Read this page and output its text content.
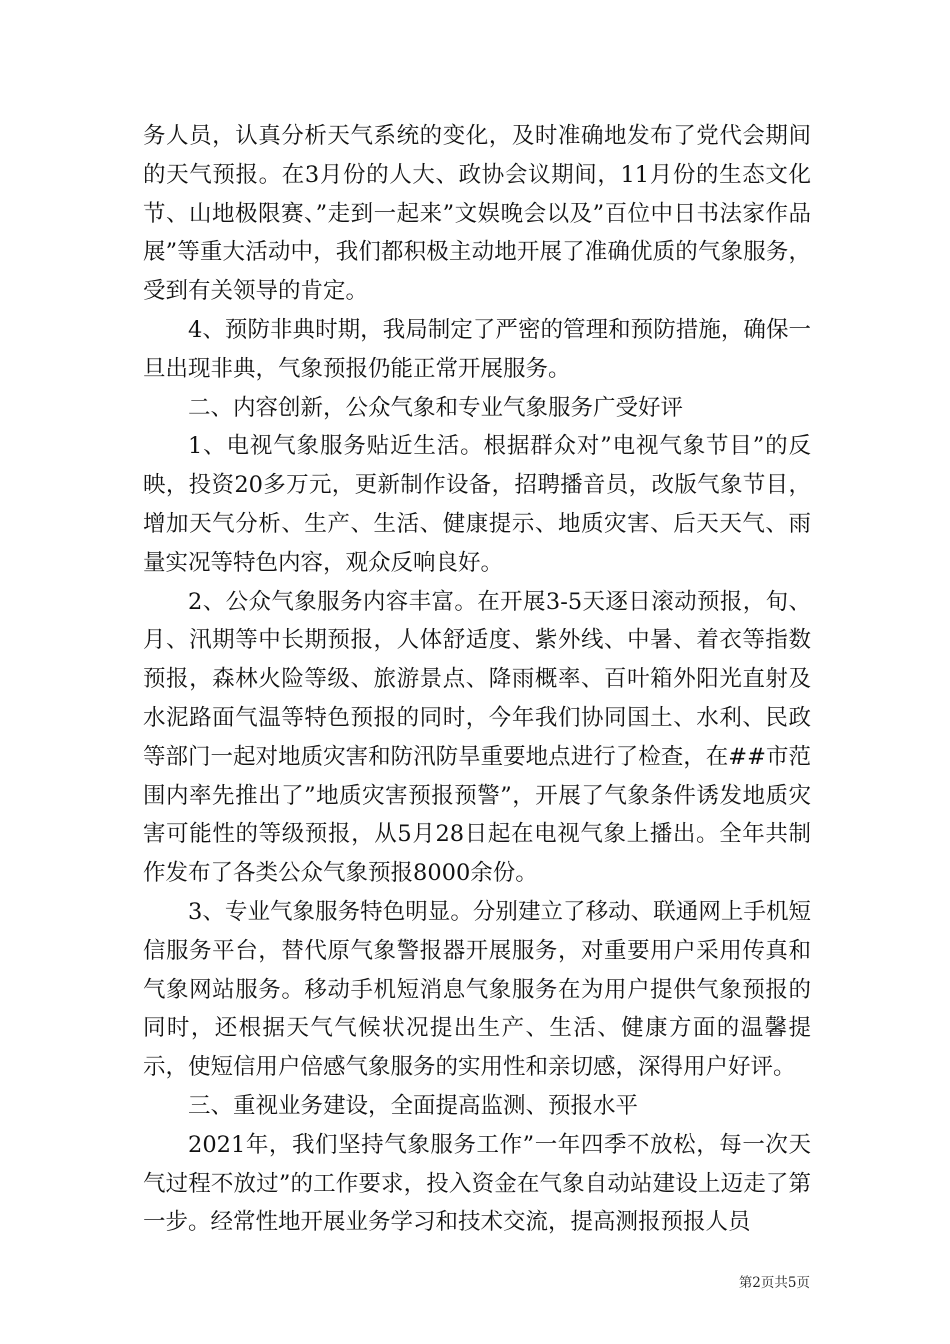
务人员，认真分析天气系统的变化，及时准确地发布了党代会期间的天气预报。在3月份的人大、政协会议期间，11月份的生态文化节、山地极限赛、”走到一起来”文娱晚会以及”百位中日书法家作品展”等重大活动中，我们都积极主动地开展了准确优质的气象服务，受到有关领导的肯定。

4、预防非典时期，我局制定了严密的管理和预防措施，确保一旦出现非典，气象预报仍能正常开展服务。

二、内容创新，公众气象和专业气象服务广受好评

1、电视气象服务贴近生活。根据群众对”电视气象节目”的反映，投资20多万元，更新制作设备，招聘播音员，改版气象节目，增加天气分析、生产、生活、健康提示、地质灾害、后天天气、雨量实况等特色内容，观众反响良好。

2、公众气象服务内容丰富。在开展3-5天逐日滚动预报，旬、月、汛期等中长期预报，人体舒适度、紫外线、中暑、着衣等指数预报，森林火险等级、旅游景点、降雨概率、百叶箱外阳光直射及水泥路面气温等特色预报的同时，今年我们协同国土、水利、民政等部门一起对地质灾害和防汛防旱重要地点进行了检查，在##市范围内率先推出了”地质灾害预报预警”，开展了气象条件诱发地质灾害可能性的等级预报，从5月28日起在电视气象上播出。全年共制作发布了各类公众气象预报8000余份。

3、专业气象服务特色明显。分别建立了移动、联通网上手机短信服务平台，替代原气象警报器开展服务，对重要用户采用传真和气象网站服务。移动手机短消息气象服务在为用户提供气象预报的同时，还根据天气气候状况提出生产、生活、健康方面的温馨提示，使短信用户倍感气象服务的实用性和亲切感，深得用户好评。

三、重视业务建设，全面提高监测、预报水平

2021年，我们坚持气象服务工作”一年四季不放松，每一次天气过程不放过”的工作要求，投入资金在气象自动站建设上迈走了第一步。经常性地开展业务学习和技术交流，提高测报预报人员

第2页共5页
